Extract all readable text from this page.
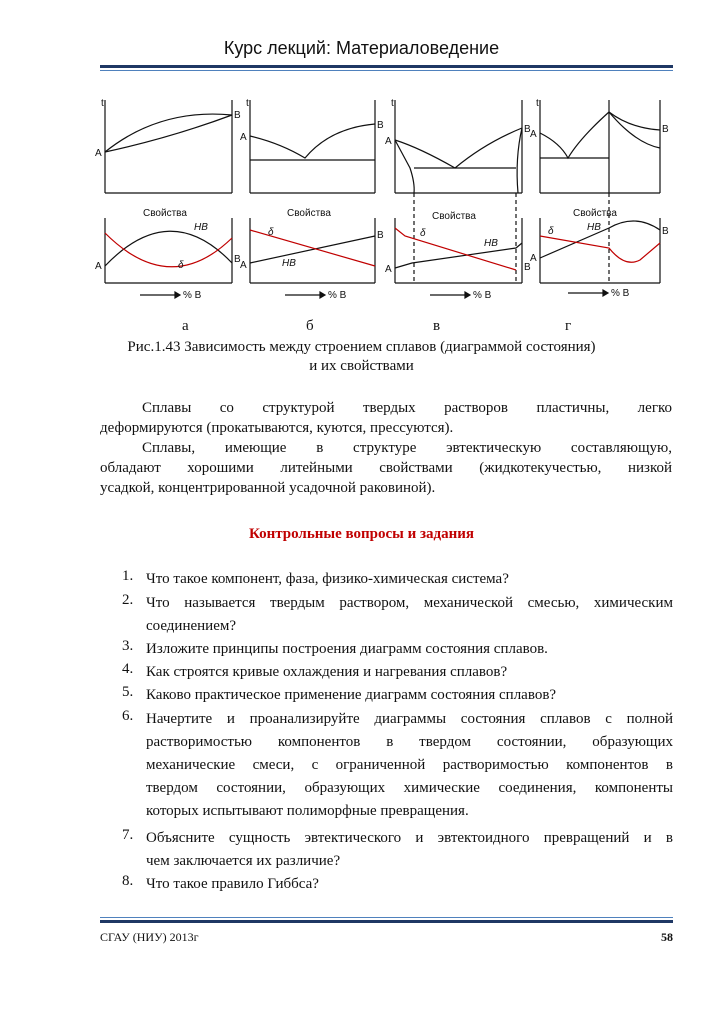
Курс лекций: Материаловедение
t	t	t	t
A
B
A
B
A
B A	B
Свойства	Свойства	Свойства	Свойства
HB
δ
δ
HB
δ
HB
δ	HB
A
B
A
B
A	B
A
B
% B	% B	% B	% B
а	б	в	г
Рис.1.43 Зависимость между строением сплавов (диаграммой состояния)
и их свойствами
Сплавы со структурой твердых растворов пластичны, легко
деформируются (прокатываются, куются, прессуются).
Сплавы, имеющие в структуре эвтектическую составляющую,
обладают хорошими литейными свойствами (жидкотекучестью, низкой
усадкой, концентрированной усадочной раковиной).
Контрольные вопросы и задания
1. Что такое компонент, фаза, физико-химическая система?
2. Что называется твердым раствором, механической смесью, химическим
соединением?
3. Изложите принципы построения диаграмм состояния сплавов.
4. Как строятся кривые охлаждения и нагревания сплавов?
5. Каково практическое применение диаграмм состояния сплавов?
6. Начертите и проанализируйте диаграммы состояния сплавов с полной
растворимостью компонентов в твердом состоянии, образующих
механические смеси, с ограниченной растворимостью компонентов в
твердом состоянии, образующих химические соединения, компоненты
которых испытывают полиморфные превращения.
7. Объясните сущность эвтектического и эвтектоидного превращений и в
чем заключается их различие?
8. Что такое правило Гиббса?
СГАУ (НИУ) 2013г	58
